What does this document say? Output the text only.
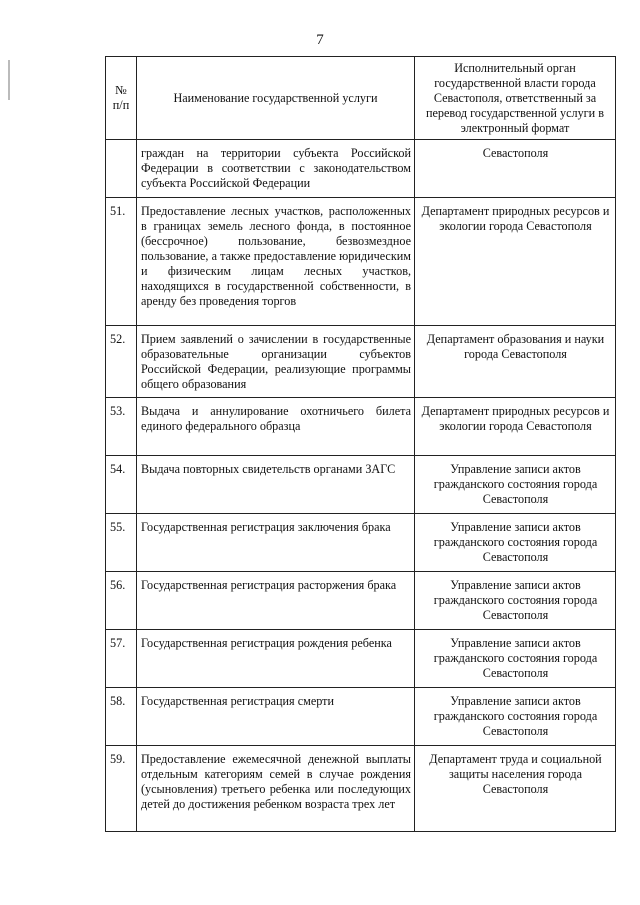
7
№ п/п	Наименование государственной услуги	Исполнительный орган государственной власти города Севастополя, ответственный за перевод государственной услуги в электронный формат
	граждан на территории субъекта Российской Федерации в соответствии с законодательством субъекта Российской Федерации	Севастополя
51.	Предоставление лесных участков, расположенных в границах земель лесного фонда, в постоянное (бессрочное) пользование, безвозмездное пользование, а также предоставление юридическим и физическим лицам лесных участков, находящихся в государственной собственности, в аренду без проведения торгов	Департамент природных ресурсов и экологии города Севастополя
52.	Прием заявлений о зачислении в государственные образовательные организации субъектов Российской Федерации, реализующие программы общего образования	Департамент образования и науки города Севастополя
53.	Выдача и аннулирование охотничьего билета единого федерального образца	Департамент природных ресурсов и экологии города Севастополя
54.	Выдача повторных свидетельств органами ЗАГС	Управление записи актов гражданского состояния города Севастополя
55.	Государственная регистрация заключения брака	Управление записи актов гражданского состояния города Севастополя
56.	Государственная регистрация расторжения брака	Управление записи актов гражданского состояния города Севастополя
57.	Государственная регистрация рождения ребенка	Управление записи актов гражданского состояния города Севастополя
58.	Государственная регистрация смерти	Управление записи актов гражданского состояния города Севастополя
59.	Предоставление ежемесячной денежной выплаты отдельным категориям семей в случае рождения (усыновления) третьего ребенка или последующих детей до достижения ребенком возраста трех лет	Департамент труда и социальной защиты населения города Севастополя
